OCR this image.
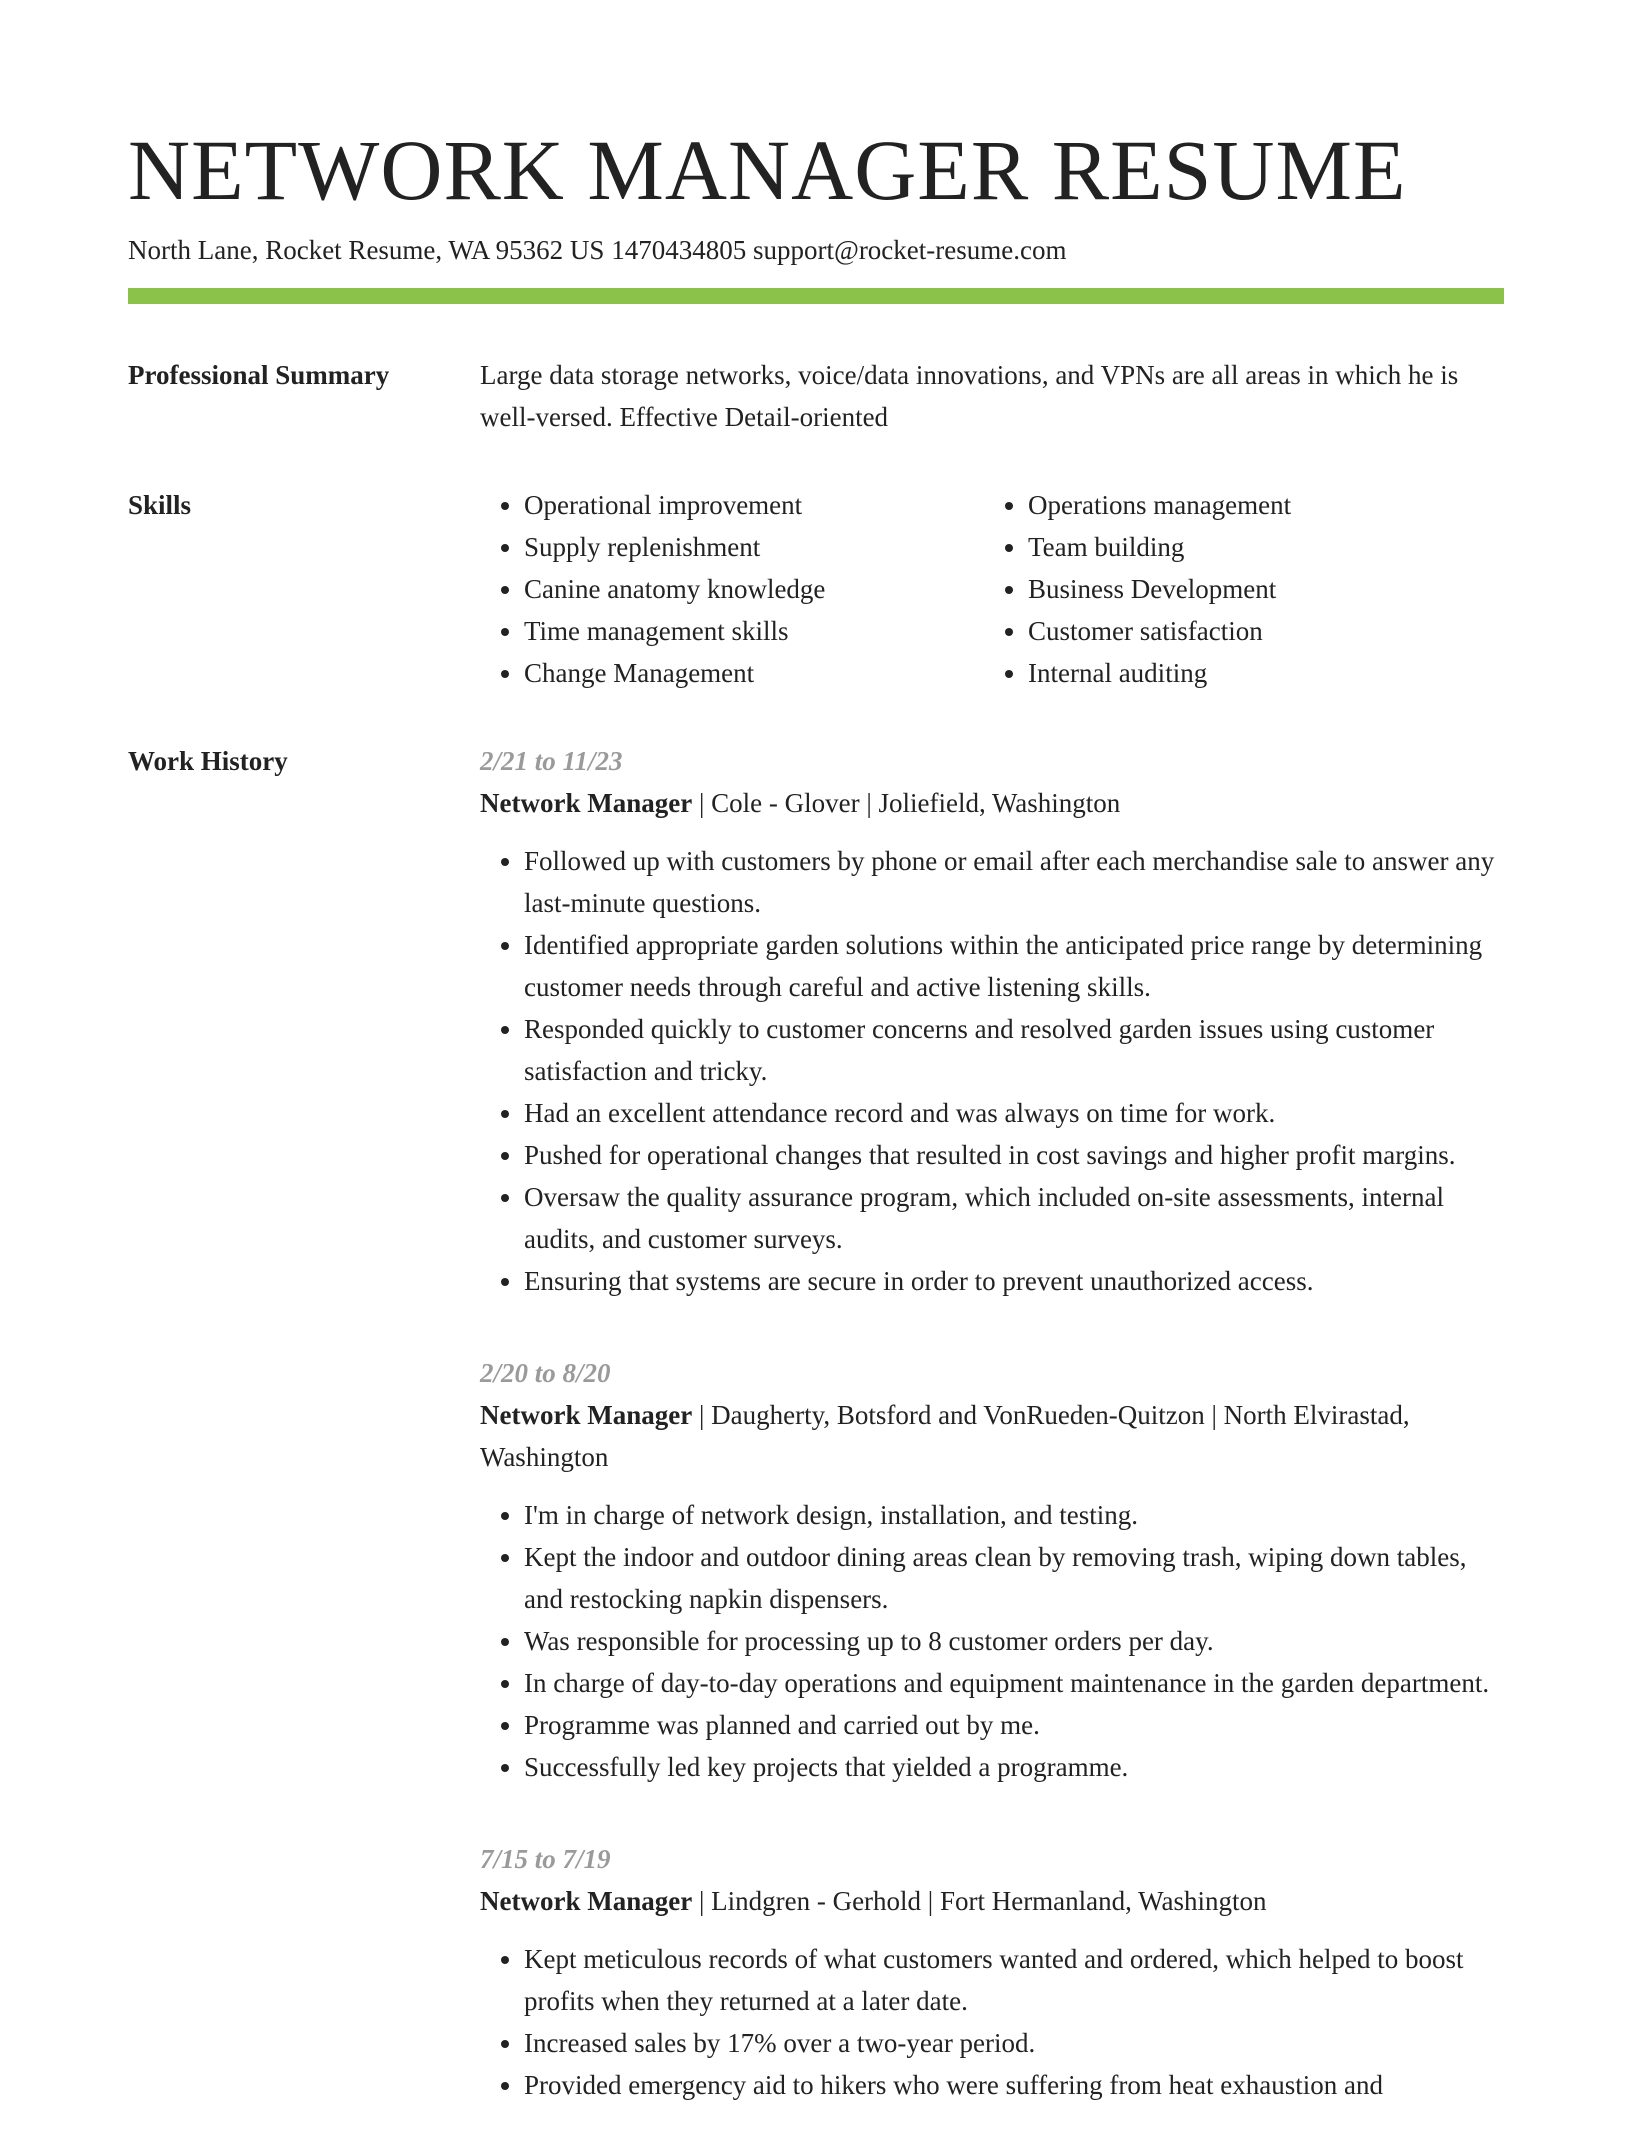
NETWORK MANAGER RESUME
North Lane, Rocket Resume, WA 95362 US 1470434805 support@rocket-resume.com
Professional Summary	Large data storage networks, voice/data innovations, and VPNs are all areas in which he is well-versed. Effective Detail-oriented

Skills
•	Operational improvement
• Supply replenishment
• Canine anatomy knowledge
• Time management skills
• Change Management
• Operations management
• Team building
• Business Development
• Customer satisfaction
• Internal auditing
Work History	2/21 to 11/23
Network Manager | Cole - Glover | Joliefield, Washington
• Followed up with customers by phone or email after each merchandise sale to answer any last-minute questions.
• Identified appropriate garden solutions within the anticipated price range by determining customer needs through careful and active listening skills.
• Responded quickly to customer concerns and resolved garden issues using customer satisfaction and tricky.
• Had an excellent attendance record and was always on time for work.
• Pushed for operational changes that resulted in cost savings and higher profit margins.
• Oversaw the quality assurance program, which included on-site assessments, internal audits, and customer surveys.
• Ensuring that systems are secure in order to prevent unauthorized access.
2/20 to 8/20
Network Manager | Daugherty, Botsford and VonRueden-Quitzon | North Elvirastad, Washington
• I'm in charge of network design, installation, and testing.
• Kept the indoor and outdoor dining areas clean by removing trash, wiping down tables, and restocking napkin dispensers.
• Was responsible for processing up to 8 customer orders per day.
• In charge of day-to-day operations and equipment maintenance in the garden department.
• Programme was planned and carried out by me.
• Successfully led key projects that yielded a programme.
7/15 to 7/19
Network Manager | Lindgren - Gerhold | Fort Hermanland, Washington
• Kept meticulous records of what customers wanted and ordered, which helped to boost profits when they returned at a later date.
• Increased sales by 17% over a two-year period.
• Provided emergency aid to hikers who were suffering from heat exhaustion and
